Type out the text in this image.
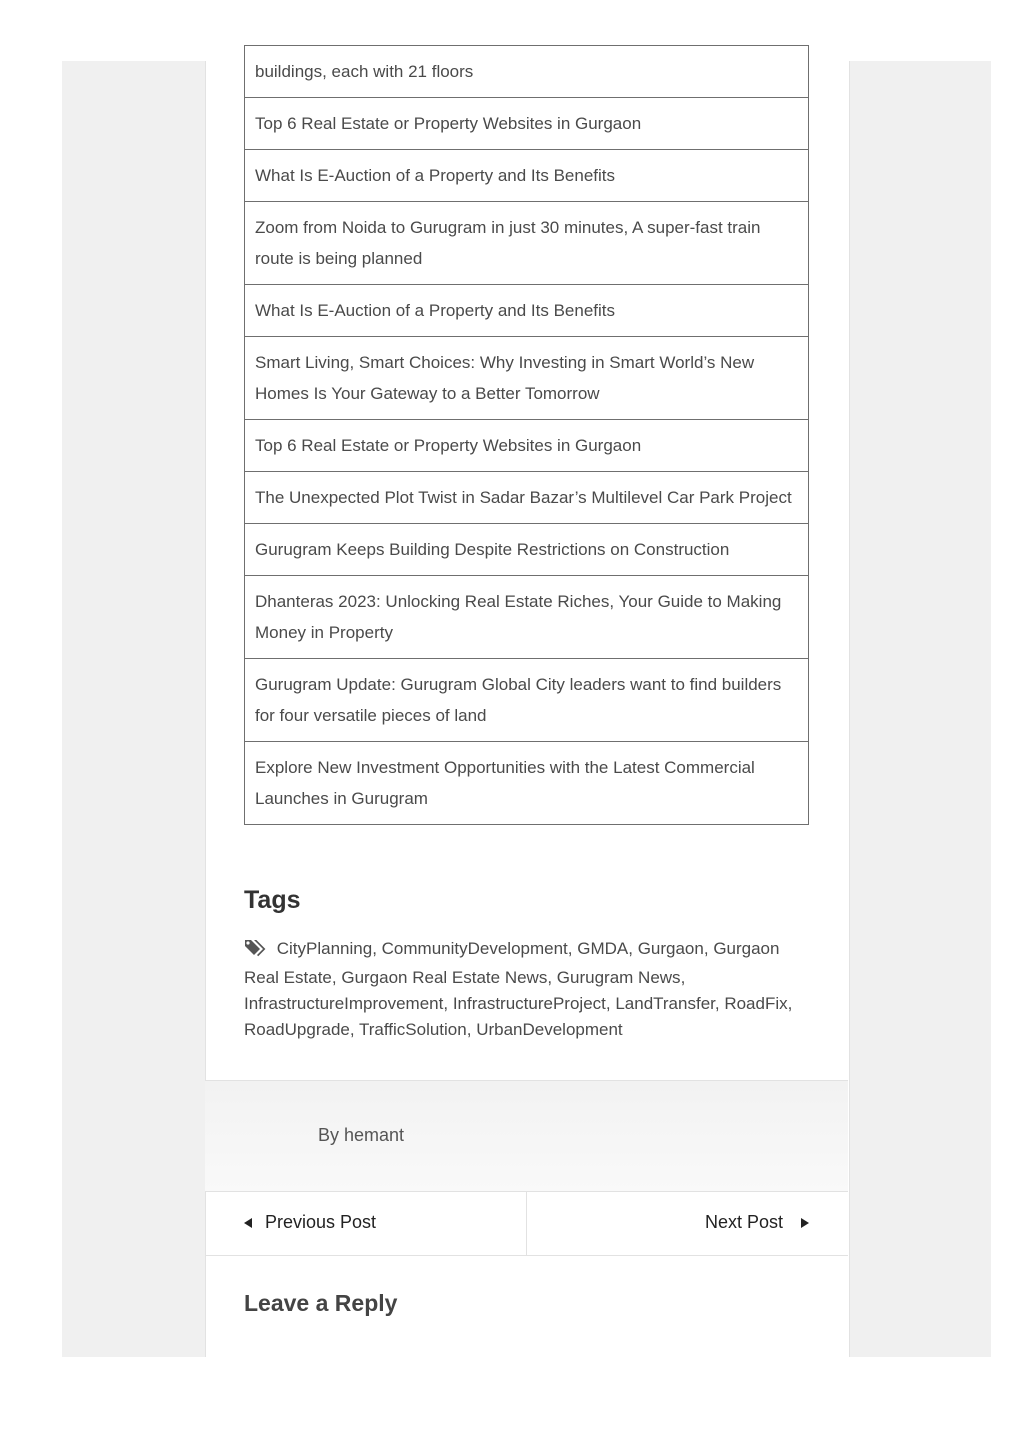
buildings, each with 21 floors
Top 6 Real Estate or Property Websites in Gurgaon
What Is E-Auction of a Property and Its Benefits
Zoom from Noida to Gurugram in just 30 minutes, A super-fast train route is being planned
What Is E-Auction of a Property and Its Benefits
Smart Living, Smart Choices: Why Investing in Smart World’s New Homes Is Your Gateway to a Better Tomorrow
Top 6 Real Estate or Property Websites in Gurgaon
The Unexpected Plot Twist in Sadar Bazar’s Multilevel Car Park Project
Gurugram Keeps Building Despite Restrictions on Construction
Dhanteras 2023: Unlocking Real Estate Riches, Your Guide to Making Money in Property
Gurugram Update: Gurugram Global City leaders want to find builders for four versatile pieces of land
Explore New Investment Opportunities with the Latest Commercial Launches in Gurugram
Tags
CityPlanning, CommunityDevelopment, GMDA, Gurgaon, Gurgaon Real Estate, Gurgaon Real Estate News, Gurugram News, InfrastructureImprovement, InfrastructureProject, LandTransfer, RoadFix, RoadUpgrade, TrafficSolution, UrbanDevelopment
By hemant
Previous Post	Next Post
Leave a Reply
